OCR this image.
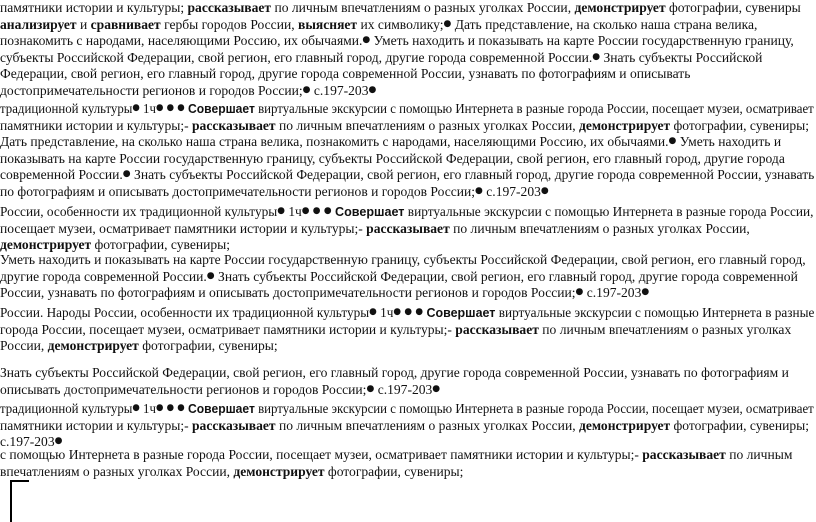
памятники истории и культуры; рассказывает по личным впечатлениям о разных уголках России, демонстрирует фотографии, сувениры
анализирует и сравнивает гербы городов России, выясняет их символику;● Дать представление, на сколько наша страна велика,
познакомить с народами, населяющими Россию, их обычаями.● Уметь находить и показывать на карте России государственную границу,
субъекты Российской Федерации, свой регион, его главный город, другие города современной России.● Знать субъекты Российской
Федерации, свой регион, его главный город, другие города современной России, узнавать по фотографиям и описывать
достопримечательности регионов и городов России;● с.197-203●
традиционной культуры● 1ч● ● ● Совершает виртуальные экскурсии с помощью Интернета в разные города России, посещает музеи, осматривает
памятники истории и культуры;- рассказывает по личным впечатлениям о разных уголках России, демонстрирует фотографии, сувениры;
Дать представление, на сколько наша страна велика, познакомить с народами, населяющими Россию, их обычаями.● Уметь находить и
показывать на карте России государственную границу, субъекты Российской Федерации, свой регион, его главный город, другие города
современной России.● Знать субъекты Российской Федерации, свой регион, его главный город, другие города современной России, узнавать
по фотографиям и описывать достопримечательности регионов и городов России;● с.197-203●
России, особенности их традиционной культуры● 1ч● ● ● Совершает виртуальные экскурсии с помощью Интернета в разные города России,
посещает музеи, осматривает памятники истории и культуры;- рассказывает по личным впечатлениям о разных уголках России,
демонстрирует фотографии, сувениры;
Уметь находить и показывать на карте России государственную границу, субъекты Российской Федерации, свой регион, его главный город,
другие города современной России.● Знать субъекты Российской Федерации, свой регион, его главный город, другие города современной
России, узнавать по фотографиям и описывать достопримечательности регионов и городов России;● с.197-203●
России. Народы России, особенности их традиционной культуры● 1ч● ● ● Совершает виртуальные экскурсии с помощью Интернета в разные
города России, посещает музеи, осматривает памятники истории и культуры;- рассказывает по личным впечатлениям о разных уголках
России, демонстрирует фотографии, сувениры;
Знать субъекты Российской Федерации, свой регион, его главный город, другие города современной России, узнавать по фотографиям и
описывать достопримечательности регионов и городов России;● с.197-203●
традиционной культуры● 1ч● ● ● Совершает виртуальные экскурсии с помощью Интернета в разные города России, посещает музеи, осматривает
памятники истории и культуры;- рассказывает по личным впечатлениям о разных уголках России, демонстрирует фотографии, сувениры;
с.197-203●
с помощью Интернета в разные города России, посещает музеи, осматривает памятники истории и культуры;- рассказывает по личным
впечатлениям о разных уголках России, демонстрирует фотографии, сувениры;
